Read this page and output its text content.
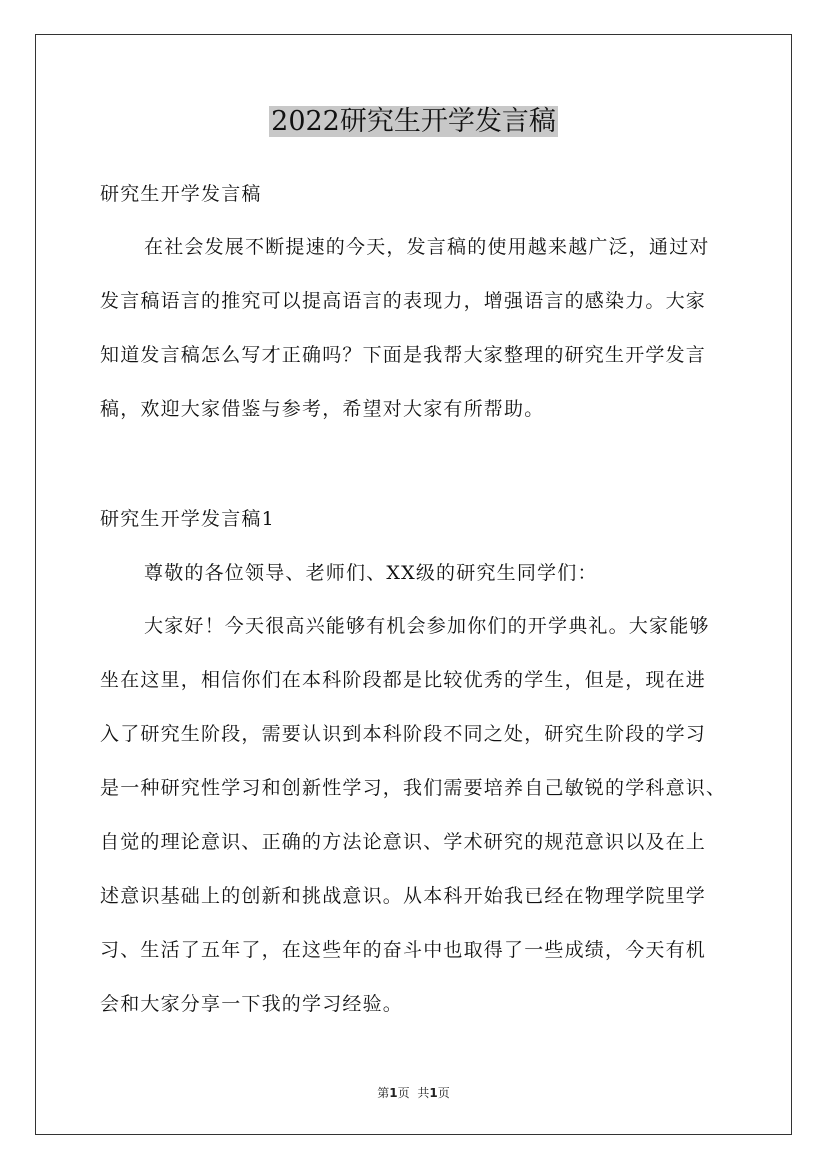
2022研究生开学发言稿
研究生开学发言稿
在社会发展不断提速的今天，发言稿的使用越来越广泛，通过对
发言稿语言的推究可以提高语言的表现力，增强语言的感染力。大家
知道发言稿怎么写才正确吗？下面是我帮大家整理的研究生开学发言
稿，欢迎大家借鉴与参考，希望对大家有所帮助。
研究生开学发言稿1
尊敬的各位领导、老师们、XX级的研究生同学们：
大家好！今天很高兴能够有机会参加你们的开学典礼。大家能够
坐在这里，相信你们在本科阶段都是比较优秀的学生，但是，现在进
入了研究生阶段，需要认识到本科阶段不同之处，研究生阶段的学习
是一种研究性学习和创新性学习，我们需要培养自己敏锐的学科意识、
自觉的理论意识、正确的方法论意识、学术研究的规范意识以及在上
述意识基础上的创新和挑战意识。从本科开始我已经在物理学院里学
习、生活了五年了，在这些年的奋斗中也取得了一些成绩，今天有机
会和大家分享一下我的学习经验。
第1页 共1页
